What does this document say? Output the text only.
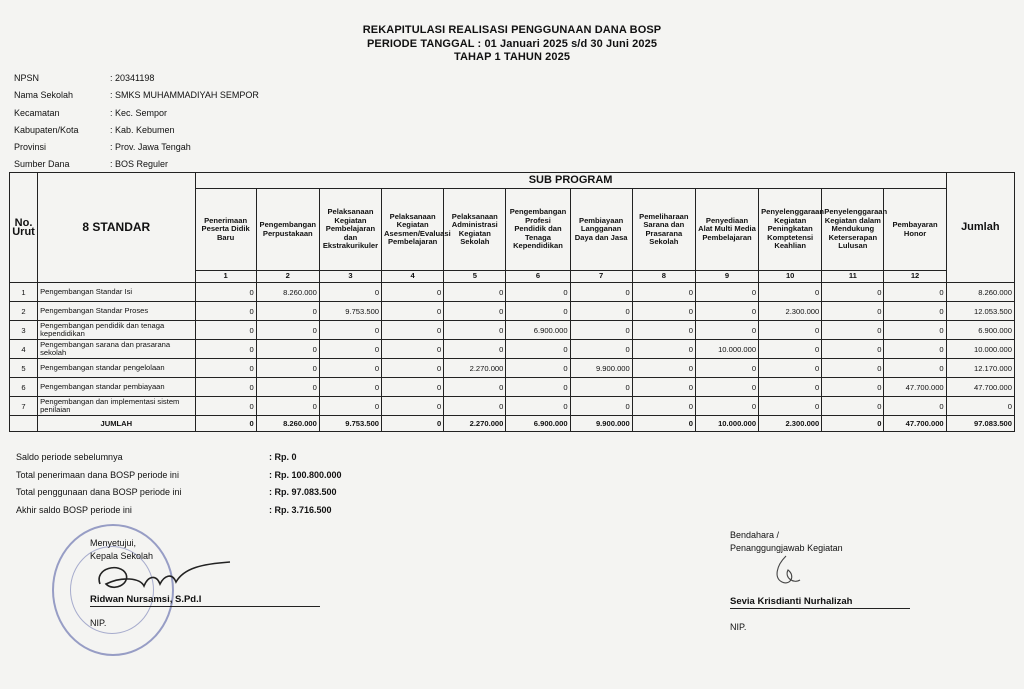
REKAPITULASI REALISASI PENGGUNAAN DANA BOSP
PERIODE TANGGAL : 01 Januari 2025 s/d 30 Juni 2025
TAHAP 1 TAHUN 2025
NPSN	: 20341198
Nama Sekolah	: SMKS MUHAMMADIYAH SEMPOR
Kecamatan	: Kec. Sempor
Kabupaten/Kota	: Kab. Kebumen
Provinsi	: Prov. Jawa Tengah
Sumber Dana	: BOS Reguler
No. Urut	8 STANDAR	SUB PROGRAM												Jumlah
		Penerimaan Peserta Didik Baru	Pengembangan Perpustakaan	Pelaksanaan Kegiatan Pembelajaran dan Ekstrakurikuler	Pelaksanaan Kegiatan Asesmen/Evaluasi Pembelajaran	Pelaksanaan Administrasi Kegiatan Sekolah	Pengembangan Profesi Pendidik dan Tenaga Kependidikan	Pembiayaan Langganan Daya dan Jasa	Pemeliharaan Sarana dan Prasarana Sekolah	Penyediaan Alat Multi Media Pembelajaran	Penyelenggaraan Kegiatan Peningkatan Komptetensi Keahlian	Penyelenggaraan Kegiatan dalam Mendukung Keterserapan Lulusan	Pembayaran Honor	
		1	2	3	4	5	6	7	8	9	10	11	12	
1	Pengembangan Standar Isi	0	8.260.000	0	0	0	0	0	0	0	0	0	0	8.260.000
2	Pengembangan Standar Proses	0	0	9.753.500	0	0	0	0	0	0	2.300.000	0	0	12.053.500
3	Pengembangan pendidik dan tenaga kependidikan	0	0	0	0	0	6.900.000	0	0	0	0	0	0	6.900.000
4	Pengembangan sarana dan prasarana sekolah	0	0	0	0	0	0	0	0	10.000.000	0	0	0	10.000.000
5	Pengembangan standar pengelolaan	0	0	0	0	2.270.000	0	9.900.000	0	0	0	0	0	12.170.000
6	Pengembangan standar pembiayaan	0	0	0	0	0	0	0	0	0	0	0	47.700.000	47.700.000
7	Pengembangan dan implementasi sistem penilaian	0	0	0	0	0	0	0	0	0	0	0	0	0
	JUMLAH	0	8.260.000	9.753.500	0	2.270.000	6.900.000	9.900.000	0	10.000.000	2.300.000	0	47.700.000	97.083.500
Saldo periode sebelumnya	: Rp. 0
Total penerimaan dana BOSP periode ini	: Rp. 100.800.000
Total penggunaan dana BOSP periode ini	: Rp. 97.083.500
Akhir saldo BOSP periode ini	: Rp. 3.716.500
Menyetujui,
Kepala Sekolah
Ridwan Nursamsi, S.Pd.I
NIP.
Bendahara /
Penanggungjawab Kegiatan
Sevia Krisdianti Nurhalizah
NIP.
